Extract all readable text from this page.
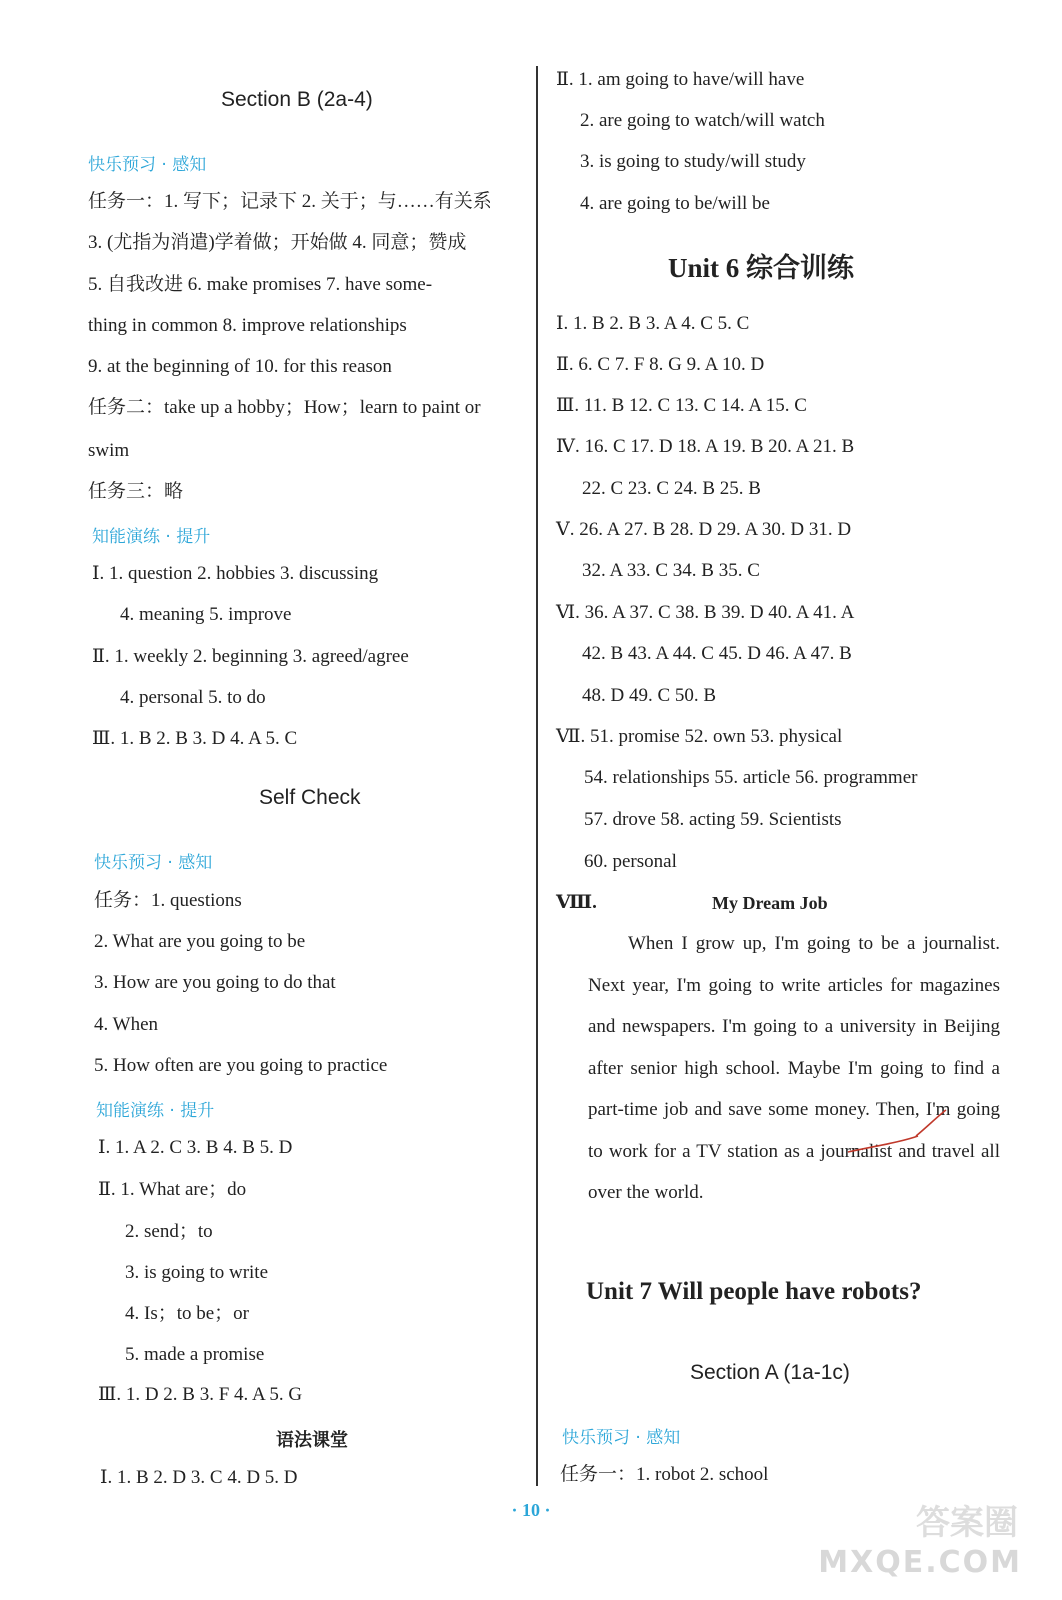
Section B (2a-4)
快乐预习 · 感知
任务一：1. 写下；记录下 2. 关于；与……有关系
3. (尤指为消遣)学着做；开始做 4. 同意；赞成
5. 自我改进 6. make promises 7. have some-
thing in common 8. improve relationships
9. at the beginning of 10. for this reason
任务二：take up a hobby；How；learn to paint or
swim
任务三：略
知能演练 · 提升
Ⅰ. 1. question 2. hobbies 3. discussing
4. meaning 5. improve
Ⅱ. 1. weekly 2. beginning 3. agreed/agree
4. personal 5. to do
Ⅲ. 1. B 2. B 3. D 4. A 5. C
Self Check
快乐预习 · 感知
任务：1. questions
2. What are you going to be
3. How are you going to do that
4. When
5. How often are you going to practice
知能演练 · 提升
Ⅰ. 1. A 2. C 3. B 4. B 5. D
Ⅱ. 1. What are；do
2. send；to
3. is going to write
4. Is；to be；or
5. made a promise
Ⅲ. 1. D 2. B 3. F 4. A 5. G
语法课堂
Ⅰ. 1. B 2. D 3. C 4. D 5. D
Ⅱ. 1. am going to have/will have
2. are going to watch/will watch
3. is going to study/will study
4. are going to be/will be
Unit 6 综合训练
Ⅰ. 1. B 2. B 3. A 4. C 5. C
Ⅱ. 6. C 7. F 8. G 9. A 10. D
Ⅲ. 11. B 12. C 13. C 14. A 15. C
Ⅳ. 16. C 17. D 18. A 19. B 20. A 21. B
22. C 23. C 24. B 25. B
Ⅴ. 26. A 27. B 28. D 29. A 30. D 31. D
32. A 33. C 34. B 35. C
Ⅵ. 36. A 37. C 38. B 39. D 40. A 41. A
42. B 43. A 44. C 45. D 46. A 47. B
48. D 49. C 50. B
Ⅶ. 51. promise 52. own 53. physical
54. relationships 55. article 56. programmer
57. drove 58. acting 59. Scientists
60. personal
Ⅷ.	My Dream Job
When I grow up, I'm going to be a journalist. Next year, I'm going to write articles for magazines and newspapers. I'm going to a university in Beijing after senior high school. Maybe I'm going to find a part-time job and save some money. Then, I'm going to work for a TV station as a journalist and travel all over the world.
Unit 7 Will people have robots?
Section A (1a-1c)
快乐预习 · 感知
任务一：1. robot 2. school
· 10 ·	答案圈
MXQE.COM
